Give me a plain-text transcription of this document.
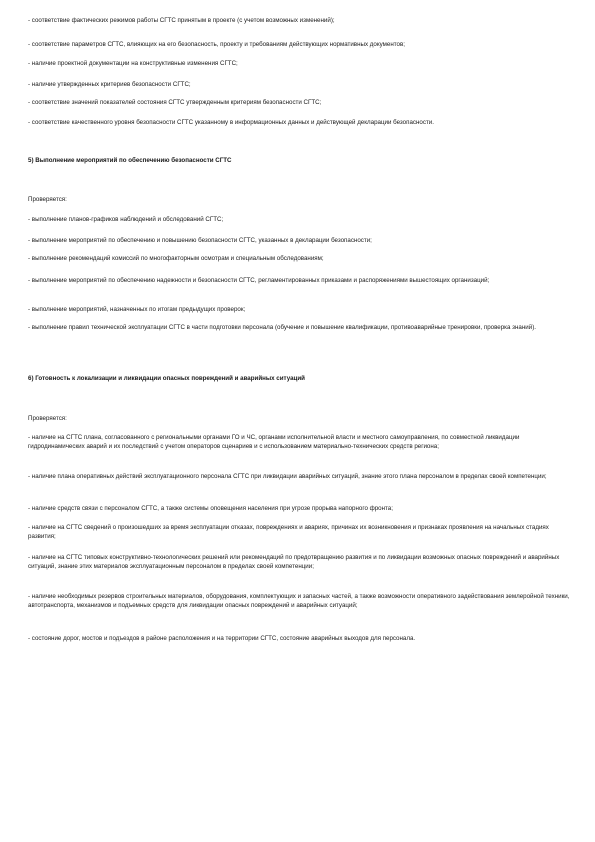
- соответствие фактических режимов работы СГТС принятым в проекте (с учетом возможных изменений);

- соответствие параметров СГТС, влияющих на его безопасность, проекту и требованиям действующих нормативных документов;

- наличие проектной документации на конструктивные изменения СГТС;

- наличие утвержденных критериев безопасности СГТС;

- соответствие значений показателей состояния СГТС утвержденным критериям безопасности СГТС;

- соответствие качественного уровня безопасности СГТС указанному в информационных данных и действующей декларации безопасности.

5) Выполнение мероприятий по обеспечению безопасности СГТС

Проверяется:

- выполнение планов-графиков наблюдений и обследований СГТС;

- выполнение мероприятий по обеспечению и повышению безопасности СГТС, указанных в декларации безопасности;

- выполнение рекомендаций комиссий по многофакторным осмотрам и специальным обследованиям;

- выполнение мероприятий по обеспечению надежности и безопасности СГТС, регламентированных приказами и распоряжениями вышестоящих организаций;

- выполнение мероприятий, назначенных по итогам предыдущих проверок;

- выполнение правил технической эксплуатации СГТС в части подготовки персонала (обучение и повышение квалификации, противоаварийные тренировки, проверка знаний).

6) Готовность к локализации и ликвидации опасных повреждений и аварийных ситуаций

Проверяется:

- наличие на СГТС плана, согласованного с региональными органами ГО и ЧС, органами исполнительной власти и местного самоуправления, по совместной ликвидации гидродинамических аварий и их последствий с учетом операторов сценариев и с использованием материально-технических средств региона;

- наличие плана оперативных действий эксплуатационного персонала СГТС при ликвидации аварийных ситуаций, знание этого плана персоналом в пределах своей компетенции;

- наличие средств связи с персоналом СГТС, а также системы оповещения населения при угрозе прорыва напорного фронта;

- наличие на СГТС сведений о произошедших за время эксплуатации отказах, повреждениях и авариях, причинах их возникновения и признаках проявления на начальных стадиях развития;

- наличие на СГТС типовых конструктивно-технологических решений или рекомендаций по предотвращению развития и по ликвидации возможных опасных повреждений и аварийных ситуаций, знание этих материалов эксплуатационным персоналом в пределах своей компетенции;

- наличие необходимых резервов строительных материалов, оборудования, комплектующих и запасных частей, а также возможности оперативного задействования землеройной техники, автотранспорта, механизмов и подъемных средств для ликвидации опасных повреждений и аварийных ситуаций;

- состояние дорог, мостов и подъездов в районе расположения и на территории СГТС, состояние аварийных выходов для персонала.
